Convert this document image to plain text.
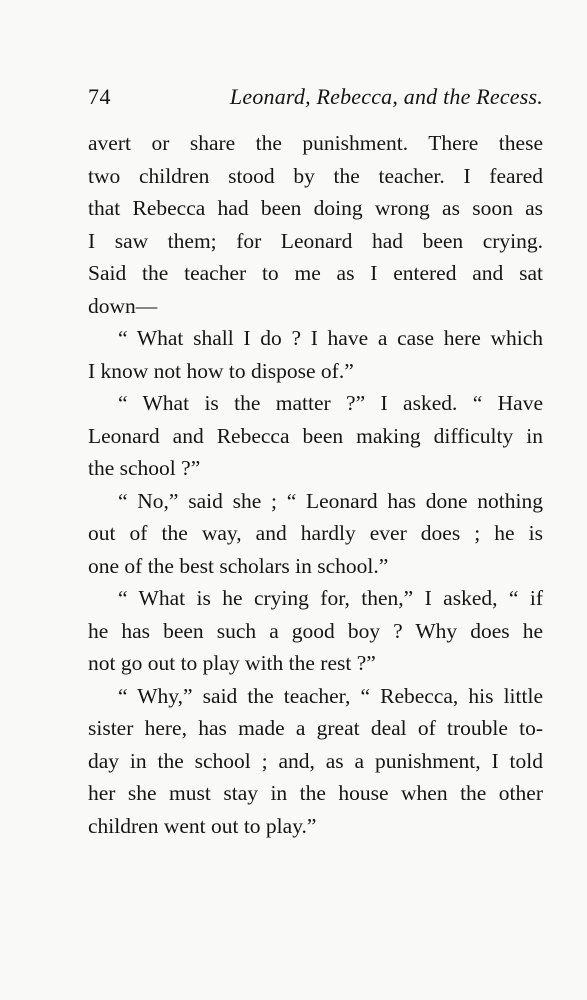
74	Leonard, Rebecca, and the Recess.
avert or share the punishment. There these
two children stood by the teacher. I feared
that Rebecca had been doing wrong as soon as
I saw them; for Leonard had been crying.
Said the teacher to me as I entered and sat
down—
“ What shall I do ? I have a case here which
I know not how to dispose of.”
“ What is the matter ?” I asked. “ Have
Leonard and Rebecca been making difficulty in
the school ?”
“ No,” said she ; “ Leonard has done nothing
out of the way, and hardly ever does ; he is
one of the best scholars in school.”
“ What is he crying for, then,” I asked, “ if
he has been such a good boy ? Why does he
not go out to play with the rest ?”
“ Why,” said the teacher, “ Rebecca, his little
sister here, has made a great deal of trouble to-
day in the school ; and, as a punishment, I told
her she must stay in the house when the other
children went out to play.”
